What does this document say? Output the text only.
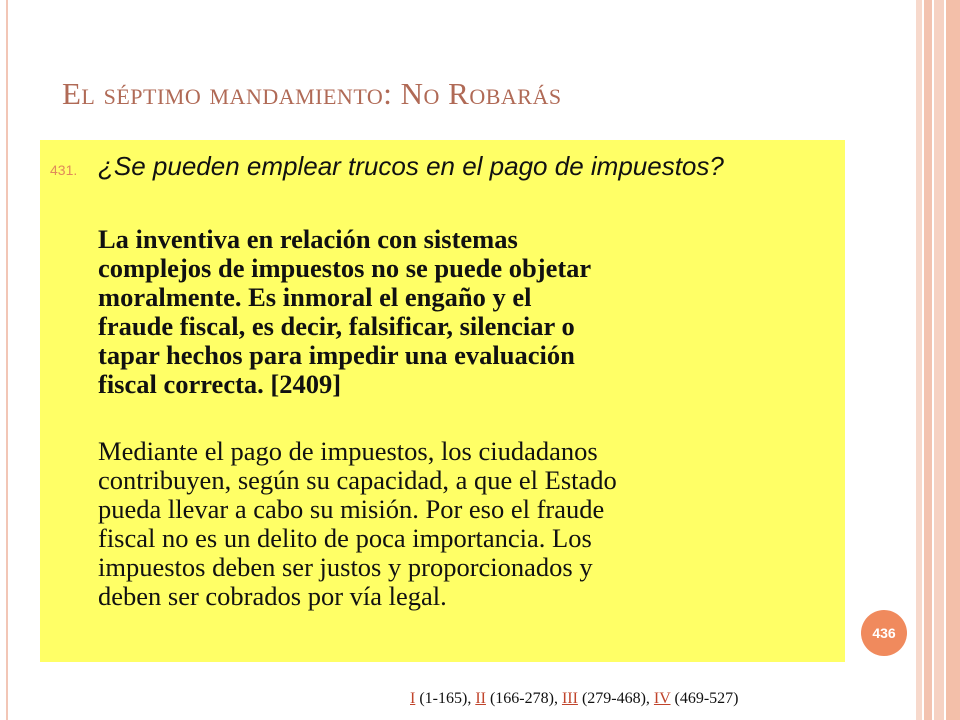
El séptimo mandamiento: No Robarás
431. ¿Se pueden emplear trucos en el pago de impuestos?
La inventiva en relación con sistemas
complejos de impuestos no se puede objetar
moralmente. Es inmoral el engaño y el
fraude fiscal, es decir, falsificar, silenciar o
tapar hechos para impedir una evaluación
fiscal correcta. [2409]
Mediante el pago de impuestos, los ciudadanos
contribuyen, según su capacidad, a que el Estado
pueda llevar a cabo su misión. Por eso el fraude
fiscal no es un delito de poca importancia. Los
impuestos deben ser justos y proporcionados y
deben ser cobrados por vía legal.
436
I (1-165), II (166-278), III (279-468), IV (469-527)
